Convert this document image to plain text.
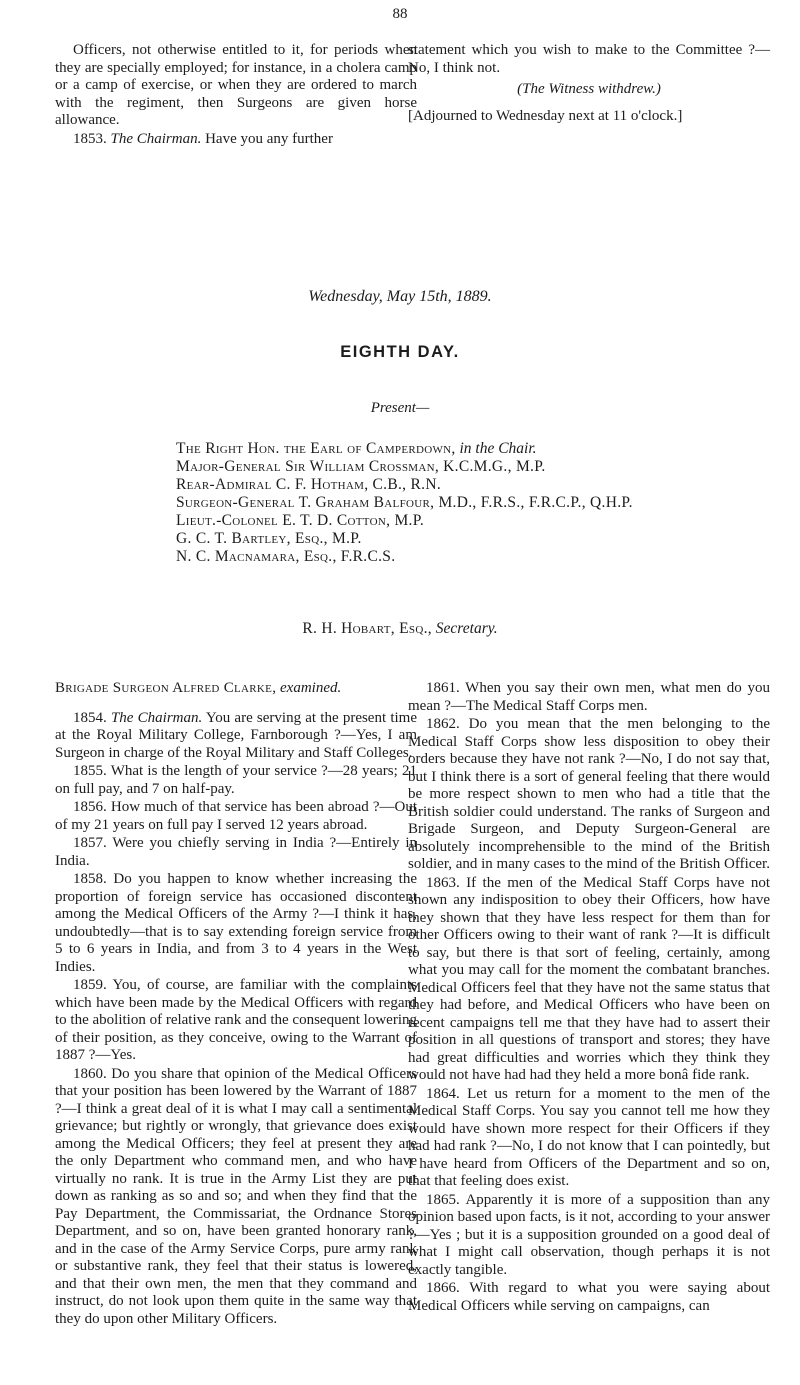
88

Officers, not otherwise entitled to it, for periods when they are specially employed; for instance, in a cholera camp or a camp of exercise, or when they are ordered to march with the regiment, then Surgeons are given horse allowance.

1853. The Chairman. Have you any further

statement which you wish to make to the Committee ?—No, I think not.

(The Witness withdrew.)

[Adjourned to Wednesday next at 11 o'clock.]

Wednesday, May 15th, 1889.
EIGHTH DAY.
Present—
The Right Hon. the Earl of Camperdown, in the Chair.
Major-General Sir William Crossman, K.C.M.G., M.P.
Rear-Admiral C. F. Hotham, C.B., R.N.
Surgeon-General T. Graham Balfour, M.D., F.R.S., F.R.C.P., Q.H.P.
Lieut.-Colonel E. T. D. Cotton, M.P.
G. C. T. Bartley, Esq., M.P.
N. C. Macnamara, Esq., F.R.C.S.
R. H. Hobart, Esq., Secretary.

Brigade Surgeon Alfred Clarke, examined.

1854. The Chairman. You are serving at the present time at the Royal Military College, Farnborough ?—Yes, I am Surgeon in charge of the Royal Military and Staff Colleges.

1855. What is the length of your service ?—28 years; 21 on full pay, and 7 on half-pay.

1856. How much of that service has been abroad ?—Out of my 21 years on full pay I served 12 years abroad.

1857. Were you chiefly serving in India ?—Entirely in India.

1858. Do you happen to know whether increasing the proportion of foreign service has occasioned discontent among the Medical Officers of the Army ?—I think it has, undoubtedly—that is to say extending foreign service from 5 to 6 years in India, and from 3 to 4 years in the West Indies.

1859. You, of course, are familiar with the complaints which have been made by the Medical Officers with regard to the abolition of relative rank and the consequent lowering of their position, as they conceive, owing to the Warrant of 1887 ?—Yes.

1860. Do you share that opinion of the Medical Officers that your position has been lowered by the Warrant of 1887 ?—I think a great deal of it is what I may call a sentimental grievance; but rightly or wrongly, that grievance does exist among the Medical Officers; they feel at present they are the only Department who command men, and who have virtually no rank. It is true in the Army List they are put down as ranking as so and so; and when they find that the Pay Department, the Commissariat, the Ordnance Stores Department, and so on, have been granted honorary rank, and in the case of the Army Service Corps, pure army rank or substantive rank, they feel that their status is lowered, and that their own men, the men that they command and instruct, do not look upon them quite in the same way that they do upon other Military Officers.

1861. When you say their own men, what men do you mean ?—The Medical Staff Corps men.

1862. Do you mean that the men belonging to the Medical Staff Corps show less disposition to obey their orders because they have not rank ?—No, I do not say that, but I think there is a sort of general feeling that there would be more respect shown to men who had a title that the British soldier could understand. The ranks of Surgeon and Brigade Surgeon, and Deputy Surgeon-General are absolutely incomprehensible to the mind of the British soldier, and in many cases to the mind of the British Officer.

1863. If the men of the Medical Staff Corps have not shown any indisposition to obey their Officers, how have they shown that they have less respect for them than for other Officers owing to their want of rank ?—It is difficult to say, but there is that sort of feeling, certainly, among what you may call for the moment the combatant branches. Medical Officers feel that they have not the same status that they had before, and Medical Officers who have been on recent campaigns tell me that they have had to assert their position in all questions of transport and stores; they have had great difficulties and worries which they think they would not have had had they held a more bonâ fide rank.

1864. Let us return for a moment to the men of the Medical Staff Corps. You say you cannot tell me how they would have shown more respect for their Officers if they had had rank ?—No, I do not know that I can pointedly, but I have heard from Officers of the Department and so on, that that feeling does exist.

1865. Apparently it is more of a supposition than any opinion based upon facts, is it not, according to your answer ?—Yes ; but it is a supposition grounded on a good deal of what I might call observation, though perhaps it is not exactly tangible.

1866. With regard to what you were saying about Medical Officers while serving on campaigns, can
